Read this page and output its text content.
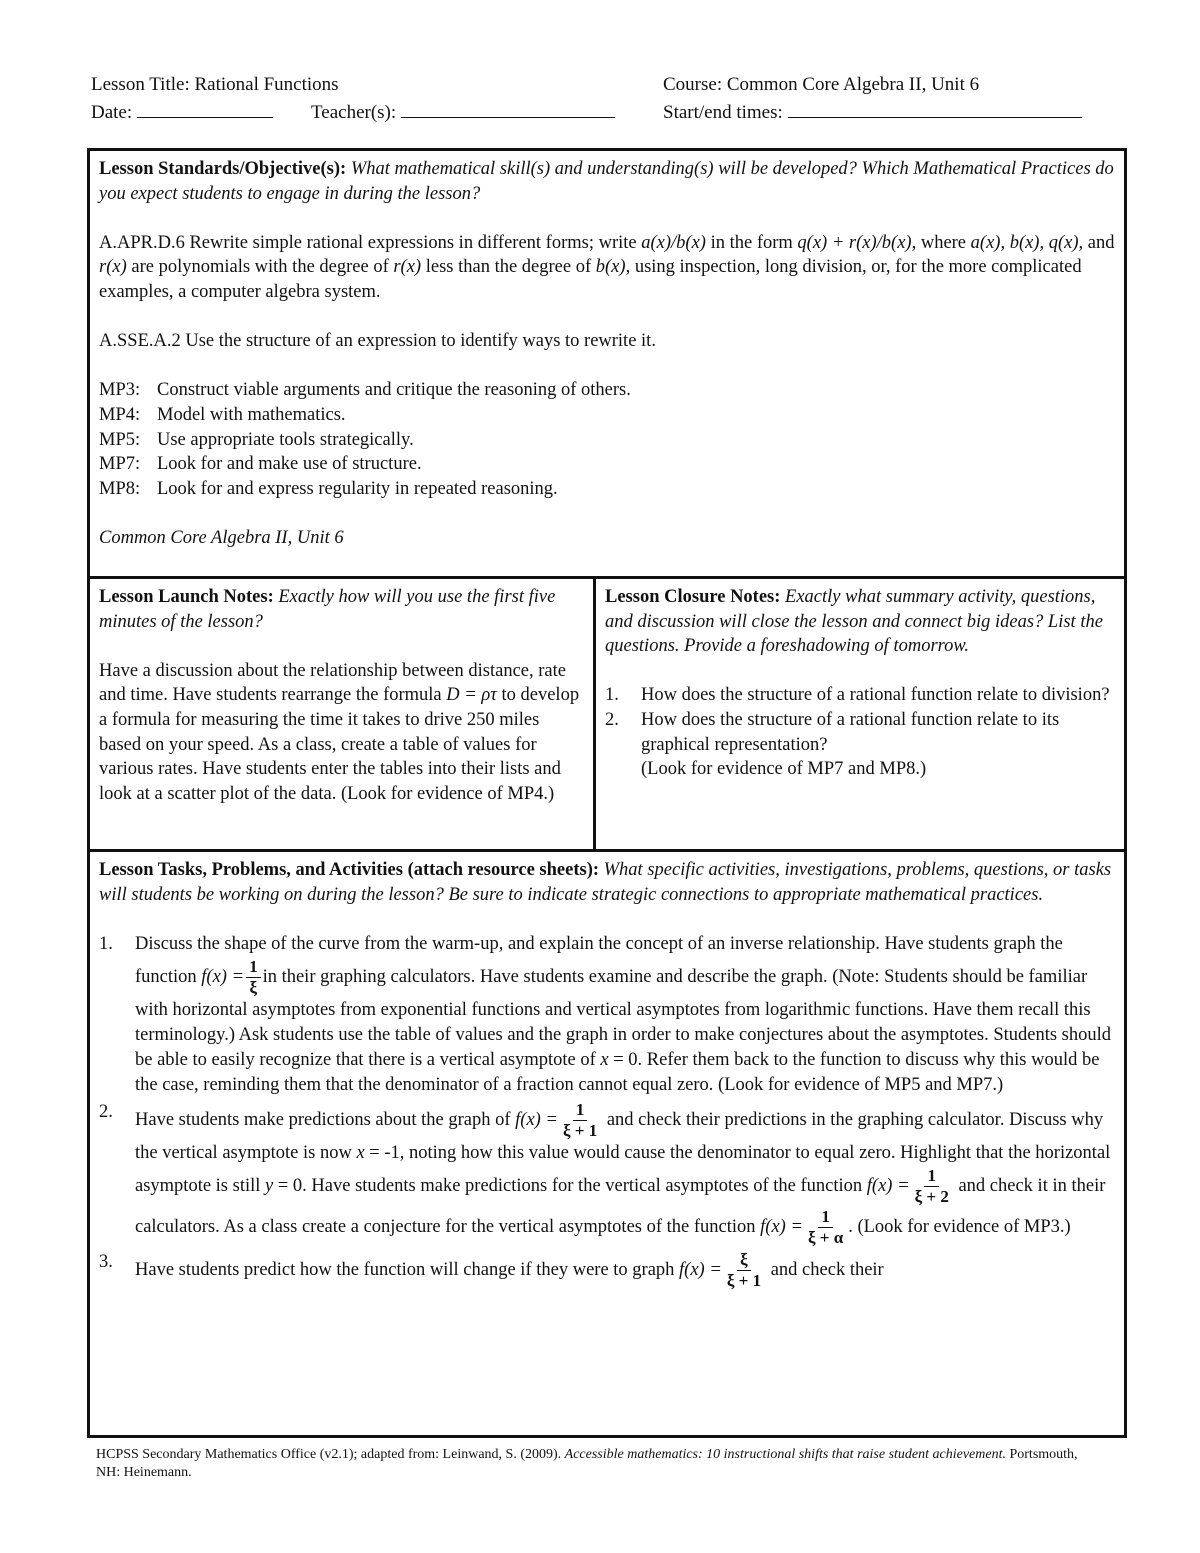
Lesson Title: Rational Functions	Course: Common Core Algebra II, Unit 6
Date:	Teacher(s):	Start/end times:
Lesson Standards/Objective(s): What mathematical skill(s) and understanding(s) will be developed? Which Mathematical Practices do you expect students to engage in during the lesson?
A.APR.D.6 Rewrite simple rational expressions in different forms; write a(x)/b(x) in the form q(x) + r(x)/b(x), where a(x), b(x), q(x), and r(x) are polynomials with the degree of r(x) less than the degree of b(x), using inspection, long division, or, for the more complicated examples, a computer algebra system.
A.SSE.A.2 Use the structure of an expression to identify ways to rewrite it.
MP3: Construct viable arguments and critique the reasoning of others.
MP4: Model with mathematics.
MP5: Use appropriate tools strategically.
MP7: Look for and make use of structure.
MP8: Look for and express regularity in repeated reasoning.
Common Core Algebra II, Unit 6
Lesson Launch Notes: Exactly how will you use the first five minutes of the lesson?
Have a discussion about the relationship between distance, rate and time. Have students rearrange the formula D = ρτ to develop a formula for measuring the time it takes to drive 250 miles based on your speed. As a class, create a table of values for various rates. Have students enter the tables into their lists and look at a scatter plot of the data. (Look for evidence of MP4.)
Lesson Closure Notes: Exactly what summary activity, questions, and discussion will close the lesson and connect big ideas? List the questions. Provide a foreshadowing of tomorrow.
1.	How does the structure of a rational function relate to division?
2.	How does the structure of a rational function relate to its graphical representation?
(Look for evidence of MP7 and MP8.)
Lesson Tasks, Problems, and Activities (attach resource sheets): What specific activities, investigations, problems, questions, or tasks will students be working on during the lesson? Be sure to indicate strategic connections to appropriate mathematical practices.
1.	Discuss the shape of the curve from the warm-up, and explain the concept of an inverse relationship. Have students graph the function $f(x) = \frac{1}{\xi}$ in their graphing calculators. Have students examine and describe the graph. (Note: Students should be familiar with horizontal asymptotes from exponential functions and vertical asymptotes from logarithmic functions. Have them recall this terminology.) Ask students use the table of values and the graph in order to make conjectures about the asymptotes. Students should be able to easily recognize that there is a vertical asymptote of x = 0. Refer them back to the function to discuss why this would be the case, reminding them that the denominator of a fraction cannot equal zero. (Look for evidence of MP5 and MP7.)
2.	Have students make predictions about the graph of $f(x) = \frac{1}{\xi + 1}$ and check their predictions in the graphing calculator. Discuss why the vertical asymptote is now x = -1, noting how this value would cause the denominator to equal zero. Highlight that the horizontal asymptote is still y = 0. Have students make predictions for the vertical asymptotes of the function $f(x) = \frac{1}{\xi + 2}$ and check it in their calculators. As a class create a conjecture for the vertical asymptotes of the function $f(x) = \frac{1}{\xi + \alpha}$ . (Look for evidence of MP3.)
3.	Have students predict how the function will change if they were to graph $f(x) = \frac{\xi}{\xi + 1}$ and check their
HCPSS Secondary Mathematics Office (v2.1); adapted from: Leinwand, S. (2009). Accessible mathematics: 10 instructional shifts that raise student achievement. Portsmouth, NH: Heinemann.
